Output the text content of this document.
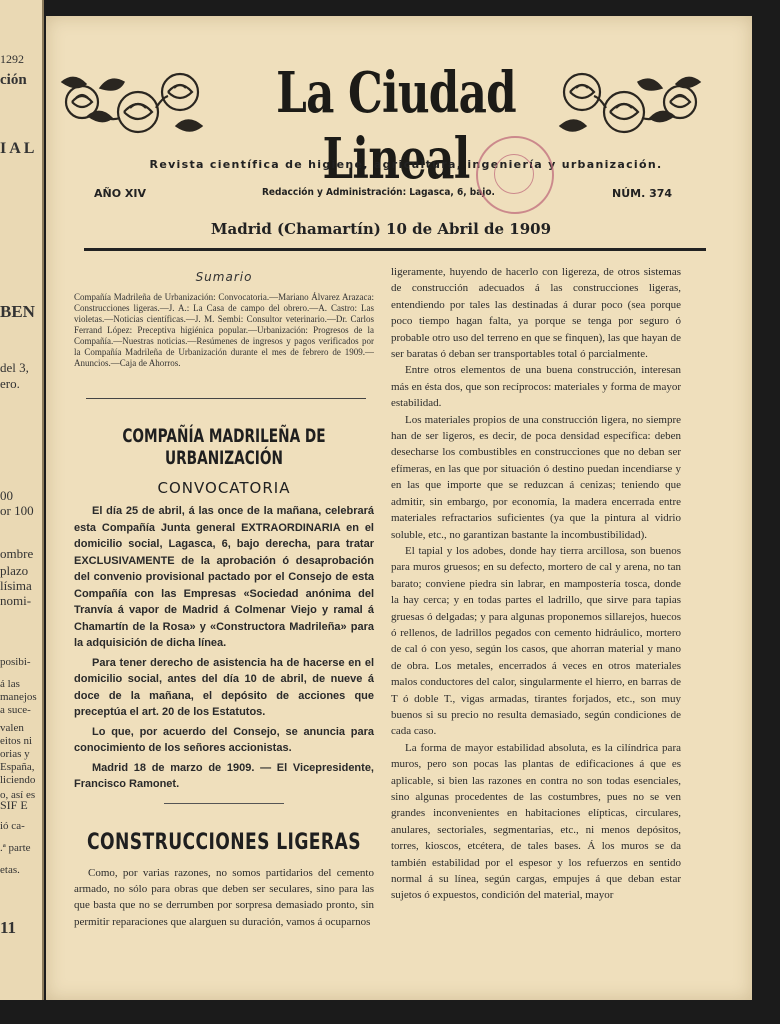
1292
ción
IAL
BEN
del 3,
ero.
00
or 100
ombre
plazo
lísima
nomi-
posibi-
á las
manejos
a suce-
valen
eitos ni
orias y
España,
liciendo
o, así es
SIF E
ió ca-
.ª parte
etas.
11
La Ciudad Lineal
Revista científica de higiene, agricultura, ingeniería y urbanización.
AÑO XIV	Redacción y Administración: Lagasca, 6, bajo.	NÚM. 374
Madrid (Chamartín) 10 de Abril de 1909
Sumario
Compañía Madrileña de Urbanización: Convocatoria.—Mariano Álvarez Arazaca: Construcciones ligeras.—J. A.: La Casa de campo del obrero.—A. Castro: Las violetas.—Noticias científicas.—J. M. Sembi: Consultor veterinario.—Dr. Carlos Ferrand López: Preceptiva higiénica popular.—Urbanización: Progresos de la Compañía.—Nuestras noticias.—Resúmenes de ingresos y pagos verificados por la Compañía Madrileña de Urbanización durante el mes de febrero de 1909.—Anuncios.—Caja de Ahorros.
COMPAÑÍA MADRILEÑA DE URBANIZACIÓN
CONVOCATORIA

El día 25 de abril, á las once de la mañana, celebrará esta Compañía Junta general EXTRAORDINARIA en el domicilio social, Lagasca, 6, bajo derecha, para tratar EXCLUSIVAMENTE de la aprobación ó desaprobación del convenio provisional pactado por el Consejo de esta Compañía con las Empresas «Sociedad anónima del Tranvía á vapor de Madrid á Colmenar Viejo y ramal á Chamartín de la Rosa» y «Constructora Madrileña» para la adquisición de dicha línea.

Para tener derecho de asistencia ha de hacerse en el domicilio social, antes del día 10 de abril, de nueve á doce de la mañana, el depósito de acciones que preceptúa el art. 20 de los Estatutos.

Lo que, por acuerdo del Consejo, se anuncia para conocimiento de los señores accionistas.

Madrid 18 de marzo de 1909. — El Vicepresidente, Francisco Ramonet.

CONSTRUCCIONES LIGERAS

Como, por varias razones, no somos partidarios del cemento armado, no sólo para obras que deben ser seculares, sino para las que basta que no se derrumben por sorpresa demasiado pronto, sin permitir reparaciones que alarguen su duración, vamos á ocuparnos

ligeramente, huyendo de hacerlo con ligereza, de otros sistemas de construcción adecuados á las construcciones ligeras, entendiendo por tales las destinadas á durar poco (sea porque poco tiempo hagan falta, ya porque se tenga por seguro ó probable otro uso del terreno en que se finquen), las que hayan de ser baratas ó deban ser transportables total ó parcialmente.

Entre otros elementos de una buena construcción, interesan más en ésta dos, que son recíprocos: materiales y forma de mayor estabilidad.

Los materiales propios de una construcción ligera, no siempre han de ser ligeros, es decir, de poca densidad específica: deben desecharse los combustibles en construcciones que no deban ser efímeras, en las que por situación ó destino puedan incendiarse y en las que importe que se reduzcan á cenizas; teniendo que admitir, sin embargo, por economía, la madera encerrada entre materiales refractarios suficientes (ya que la pintura al vidrio soluble, etc., no garantizan bastante la incombustibilidad).

El tapial y los adobes, donde hay tierra arcillosa, son buenos para muros gruesos; en su defecto, mortero de cal y arena, no tan barato; conviene piedra sin labrar, en mampostería tosca, donde la hay cerca; y en todas partes el ladrillo, que sirve para tapias gruesas ó delgadas; y para algunas proponemos sillarejos, huecos ó rellenos, de ladrillos pegados con cemento hidráulico, mortero de cal ó con yeso, según los casos, que ahorran material y mano de obra. Los metales, encerrados á veces en otros materiales malos conductores del calor, singularmente el hierro, en barras de T ó doble T., vigas armadas, tirantes forjados, etc., son muy buenos si su precio no resulta demasiado, según condiciones de cada caso.

La forma de mayor estabilidad absoluta, es la cilíndrica para muros, pero son pocas las plantas de edificaciones á que es aplicable, si bien las razones en contra no son todas esenciales, sino algunas procedentes de las costumbres, pues no se ven grandes inconvenientes en habitaciones elípticas, circulares, anulares, sectoriales, segmentarias, etc., ni menos depósitos, torres, kioscos, etcétera, de tales bases. Á los muros se da también estabilidad por el espesor y los refuerzos en sentido normal á su línea, según cargas, empujes á que deban estar sujetos ó expuestos, condición del material, mayor
